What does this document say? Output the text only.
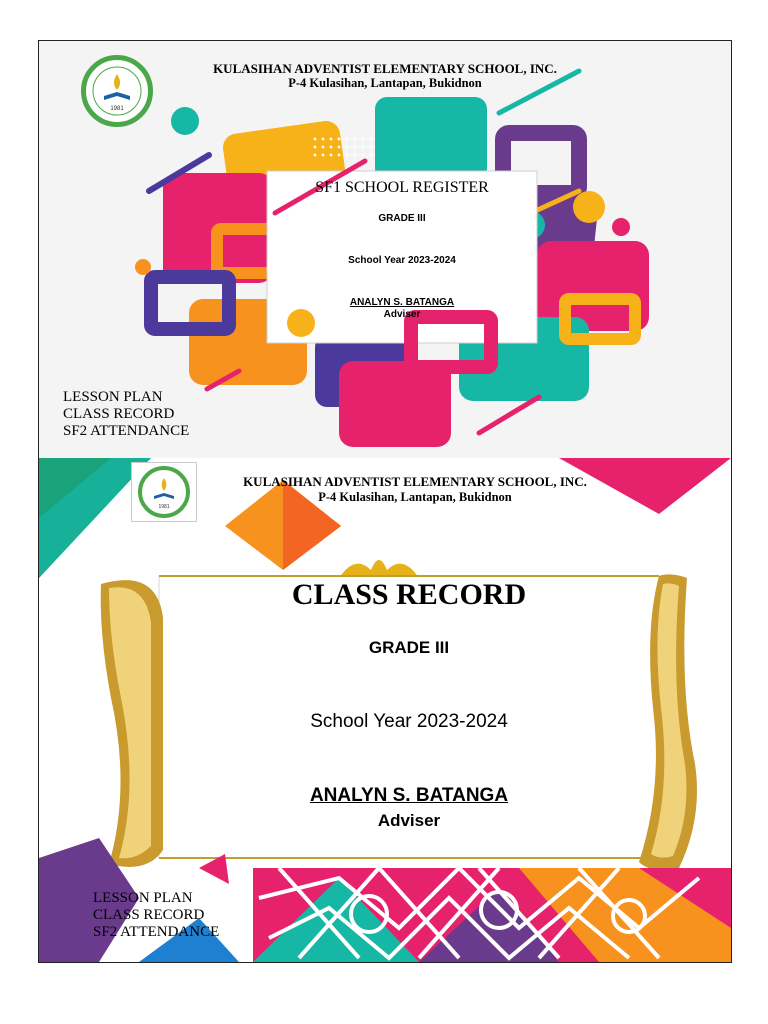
1981
KULASIHAN ADVENTIST ELEMENTARY SCHOOL, INC.
P-4 Kulasihan, Lantapan, Bukidnon
SF1 SCHOOL REGISTER
GRADE III
School Year 2023-2024
ANALYN S. BATANGA
Adviser
LESSON PLAN
CLASS RECORD
SF2 ATTENDANCE
1981
KULASIHAN ADVENTIST ELEMENTARY SCHOOL, INC.
P-4 Kulasihan, Lantapan, Bukidnon
CLASS RECORD
GRADE III
School Year 2023-2024
ANALYN S. BATANGA
Adviser
LESSON PLAN
CLASS RECORD
SF2 ATTENDANCE
